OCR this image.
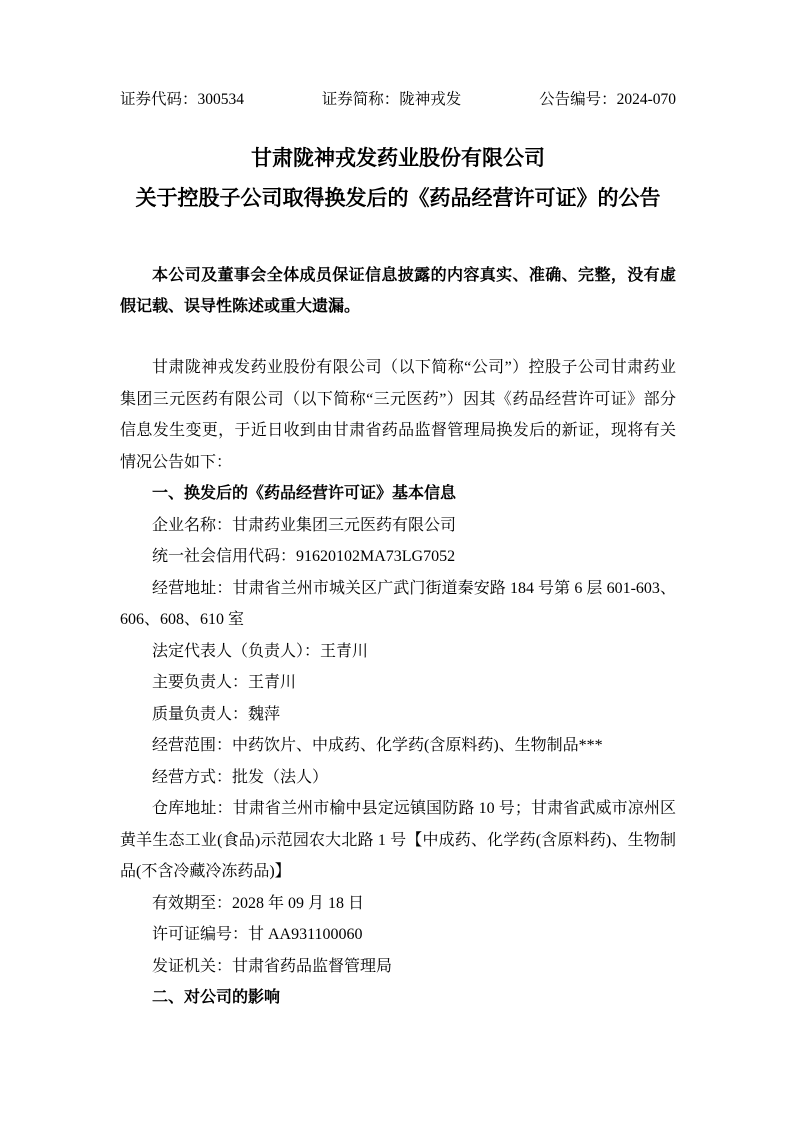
证券代码：300534	证券简称：陇神戎发	公告编号：2024-070
甘肃陇神戎发药业股份有限公司
关于控股子公司取得换发后的《药品经营许可证》的公告

本公司及董事会全体成员保证信息披露的内容真实、准确、完整，没有虚假记载、误导性陈述或重大遗漏。

甘肃陇神戎发药业股份有限公司（以下简称“公司”）控股子公司甘肃药业集团三元医药有限公司（以下简称“三元医药”）因其《药品经营许可证》部分信息发生变更，于近日收到由甘肃省药品监督管理局换发后的新证，现将有关情况公告如下：

一、换发后的《药品经营许可证》基本信息

企业名称：甘肃药业集团三元医药有限公司

统一社会信用代码：91620102MA73LG7052

经营地址：甘肃省兰州市城关区广武门街道秦安路 184 号第 6 层 601-603、606、608、610 室

法定代表人（负责人）：王青川

主要负责人：王青川

质量负责人：魏萍

经营范围：中药饮片、中成药、化学药(含原料药)、生物制品***

经营方式：批发（法人）

仓库地址：甘肃省兰州市榆中县定远镇国防路 10 号；甘肃省武威市凉州区黄羊生态工业(食品)示范园农大北路 1 号【中成药、化学药(含原料药)、生物制品(不含冷藏冷冻药品)】

有效期至：2028 年 09 月 18 日

许可证编号：甘 AA931100060

发证机关：甘肃省药品监督管理局

二、对公司的影响
